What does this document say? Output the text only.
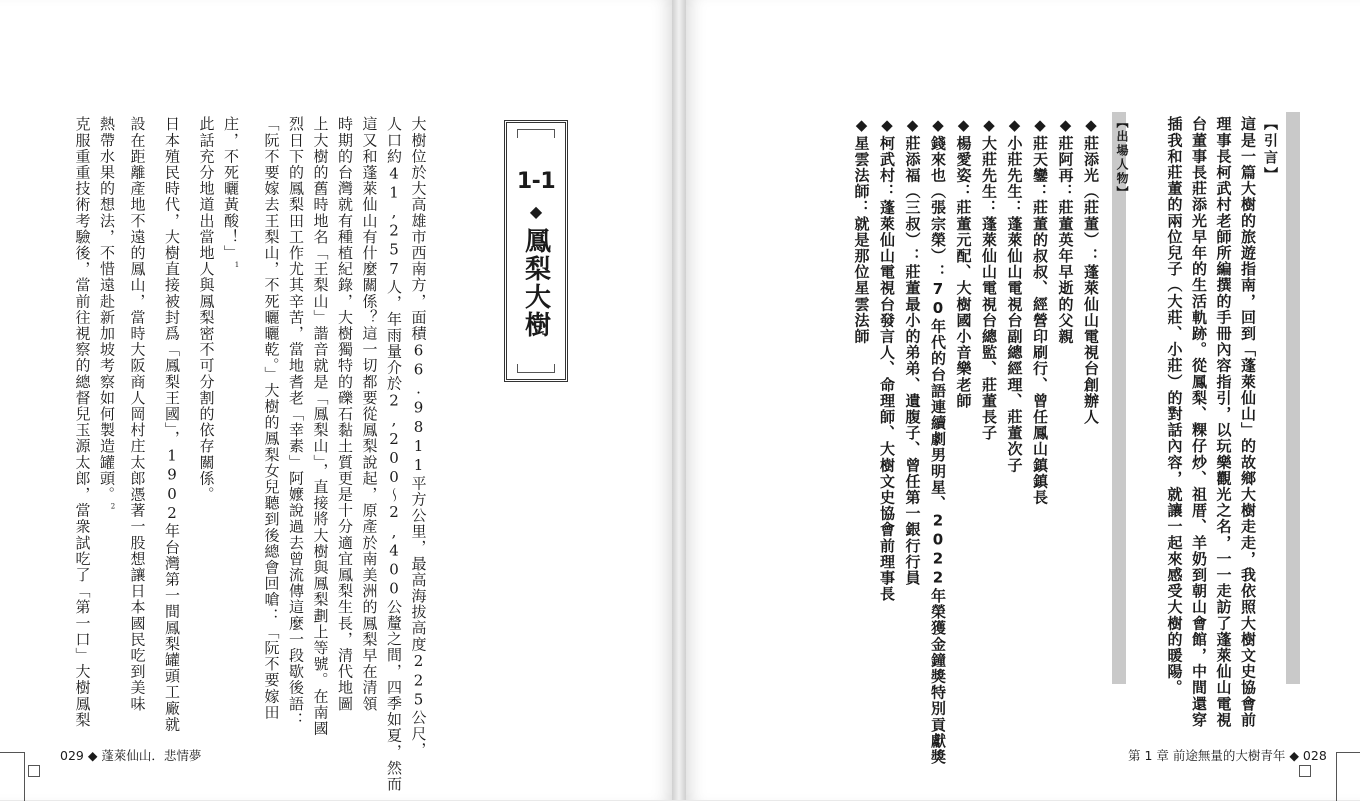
【引言】
這是一篇大樹的旅遊指南，回到「蓬萊仙山」的故鄉大樹走走，我依照大樹文史協會前
理事長柯武村老師所編撰的手冊內容指引，以玩樂觀光之名，一一走訪了蓬萊仙山電視
台董事長莊添光早年的生活軌跡。從鳳梨、粿仔炒、祖厝、羊奶到朝山會館，中間還穿
插我和莊董的兩位兒子（大莊、小莊）的對話內容，就讓一起來感受大樹的暖陽。
【出場人物】
◆莊添光（莊董）：蓬萊仙山電視台創辦人
◆莊阿再：莊董英年早逝的父親
◆莊天鑾：莊董的叔叔、經營印刷行、曾任鳳山鎮鎮長
◆小莊先生：蓬萊仙山電視台副總經理、莊董次子
◆大莊先生：蓬萊仙山電視台總監、莊董長子
◆楊愛姿：莊董元配、大樹國小音樂老師
◆錢來也（張宗榮）：70年代的台語連續劇男明星、2022年榮獲金鐘獎特別貢獻獎
◆莊添福（三叔）：莊董最小的弟弟、遺腹子、曾任第一銀行行員
◆柯武村：蓬萊仙山電視台發言人、命理師、大樹文史協會前理事長
◆星雲法師：就是那位星雲法師
1-1
◆
鳳梨大樹
大樹位於大高雄市西南方，面積66.9811平方公里，最高海拔高度225公尺，
人口約41,257人，年雨量介於2,200〜2,400公釐之間，四季如夏，然而
這又和蓬萊仙山有什麼關係？這一切都要從鳳梨說起，原產於南美洲的鳳梨早在清領
時期的台灣就有種植紀錄，大樹獨特的礫石黏土質更是十分適宜鳳梨生長，清代地圖
上大樹的舊時地名「王梨山」諧音就是「鳳梨山」，直接將大樹與鳳梨劃上等號。在南國
烈日下的鳳梨田工作尤其辛苦，當地耆老「幸素」阿嬤說過去曾流傳這麼一段歇後語：
「阮不要嫁去王梨山，不死曬曬乾。」大樹的鳳梨女兒聽到後總會回嗆：「阮不要嫁田
庄，不死曬黃酸！」$^1$
此話充分地道出當地人與鳳梨密不可分割的依存關係。
日本殖民時代，大樹直接被封爲「鳳梨王國」，1902年台灣第一間鳳梨罐頭工廠就
設在距離產地不遠的鳳山，當時大阪商人岡村庄太郎憑著一股想讓日本國民吃到美味
熱帶水果的想法，不惜遠赴新加坡考察如何製造罐頭。$^2$
克服重重技術考驗後，當前往視察的總督兒玉源太郎，當衆試吃了「第一口」大樹鳳梨
029 ◆ 蓬萊仙山．悲情夢	第 1 章 前途無量的大樹青年 ◆ 028
